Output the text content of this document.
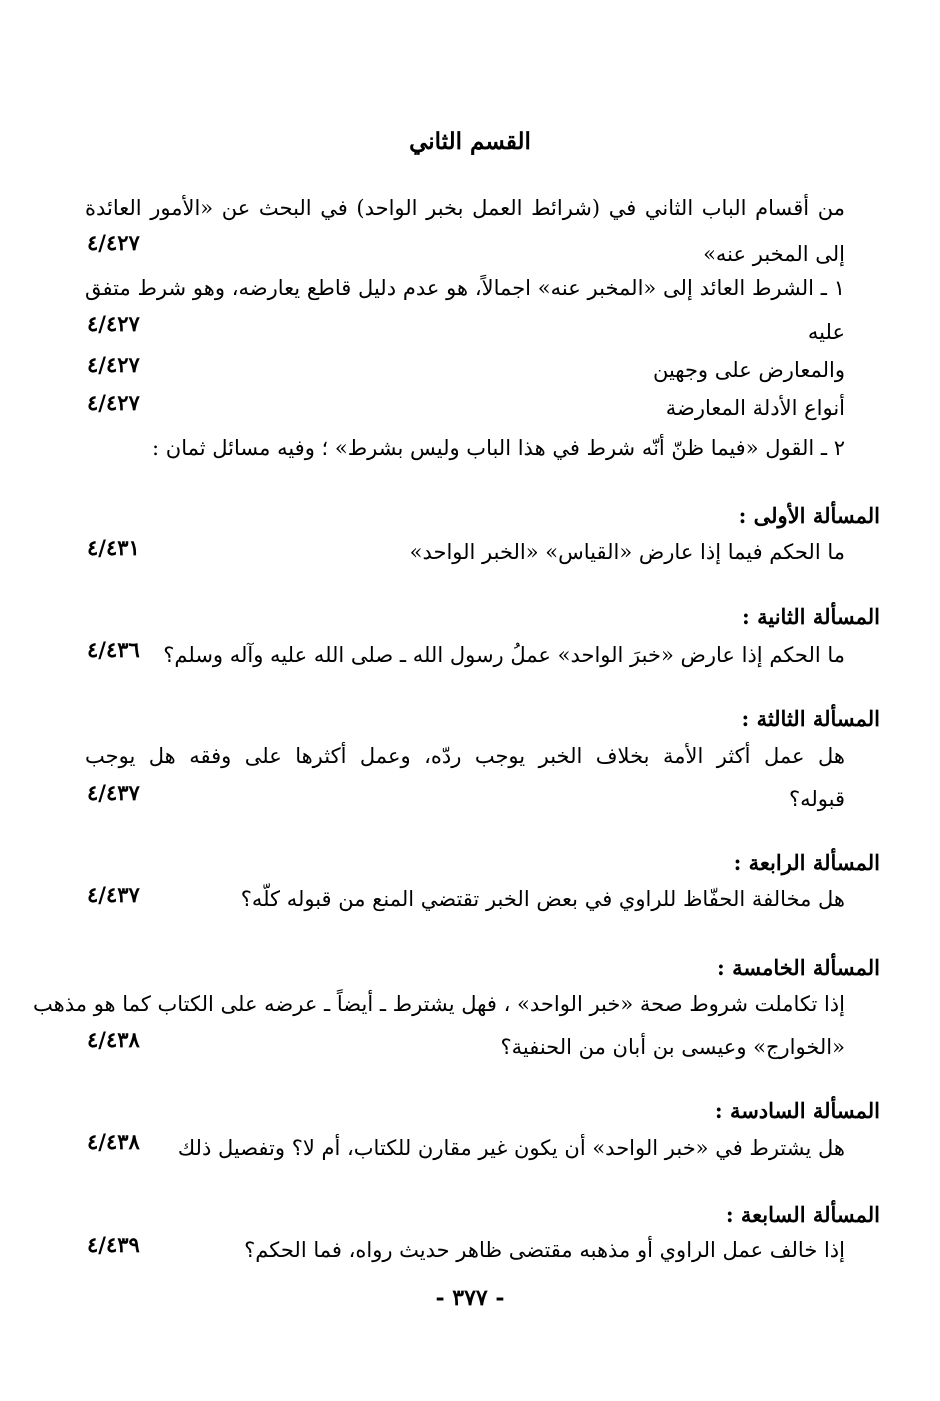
القسم الثاني
من أقسام الباب الثاني في (شرائط العمل بخبر الواحد) في البحث عن «الأمور العائدة
إلى المخبر عنه»
٤/٤٢٧
١ ـ الشرط العائد إلى «المخبر عنه» اجمالاً، هو عدم دليل قاطع يعارضه، وهو شرط متفق
عليه
٤/٤٢٧
والمعارض على وجهين
٤/٤٢٧
أنواع الأدلة المعارضة
٤/٤٢٧
٢ ـ القول «فيما ظنّ أنّه شرط في هذا الباب وليس بشرط» ؛ وفيه مسائل ثمان :
المسألة الأولى :
ما الحكم فيما إذا عارض «القياس» «الخبر الواحد»
٤/٤٣١
المسألة الثانية :
ما الحكم إذا عارض «خبرَ الواحد» عملُ رسول الله ـ صلى الله عليه وآله وسلم؟
٤/٤٣٦
المسألة الثالثة :
هل عمل أكثر الأمة بخلاف الخبر يوجب ردّه، وعمل أكثرها على وفقه هل يوجب
قبوله؟
٤/٤٣٧
المسألة الرابعة :
هل مخالفة الحفّاظ للراوي في بعض الخبر تقتضي المنع من قبوله كلّه؟
٤/٤٣٧
المسألة الخامسة :
إذا تكاملت شروط صحة «خبر الواحد» ، فهل يشترط ـ أيضاً ـ عرضه على الكتاب كما هو مذهب
«الخوارج» وعيسى بن أبان من الحنفية؟
٤/٤٣٨
المسألة السادسة :
هل يشترط في «خبر الواحد» أن يكون غير مقارن للكتاب، أم لا؟ وتفصيل ذلك
٤/٤٣٨
المسألة السابعة :
إذا خالف عمل الراوي أو مذهبه مقتضى ظاهر حديث رواه، فما الحكم؟
٤/٤٣٩
- ٣٧٧ -
